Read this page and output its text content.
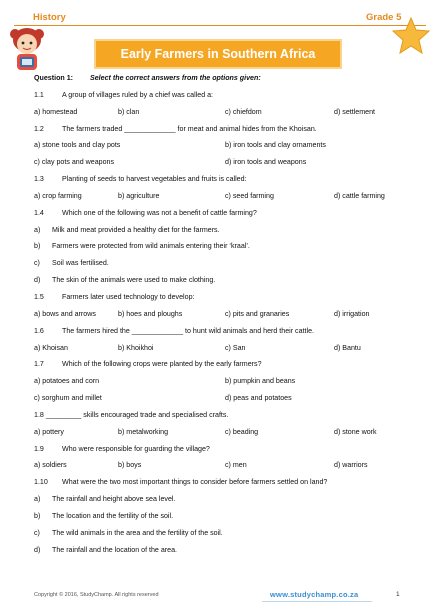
History	Grade 5
Early Farmers in Southern Africa
Question 1: Select the correct answers from the options given:
1.1	A group of villages ruled by a chief was called a:
a) homestead	b) clan	c) chiefdom	d) settlement
1.2	The farmers traded _____________ for meat and animal hides from the Khoisan.
a) stone tools and clay pots	b) iron tools and clay ornaments
c) clay pots and weapons	d) iron tools and weapons
1.3	Planting of seeds to harvest vegetables and fruits is called:
a) crop farming	b) agriculture	c) seed farming	d) cattle farming
1.4	Which one of the following was not a benefit of cattle farming?
a) Milk and meat provided a healthy diet for the farmers.
b) Farmers were protected from wild animals entering their ‘kraal’.
c) Soil was fertilised.
d) The skin of the animals were used to make clothing.
1.5	Farmers later used technology to develop:
a) bows and arrows	b) hoes and ploughs	c) pits and granaries	d) irrigation
1.6	The farmers hired the _____________ to hunt wild animals and herd their cattle.
a) Khoisan	b) Khoikhoi	c) San	d) Bantu
1.7	Which of the following crops were planted by the early farmers?
a) potatoes and corn	b) pumpkin and beans
c) sorghum and millet	d) peas and potatoes
1.8 _________ skills encouraged trade and specialised crafts.
a) pottery	b) metalworking	c) beading	d) stone work
1.9	Who were responsible for guarding the village?
a) soldiers	b) boys	c) men	d) warriors
1.10 What were the two most important things to consider before farmers settled on land?
a) The rainfall and height above sea level.
b) The location and the fertility of the soil.
c) The wild animals in the area and the fertility of the soil.
d) The rainfall and the location of the area.
Copyright © 2016, StudyChamp. All rights reserved	www.studychamp.co.za	1
